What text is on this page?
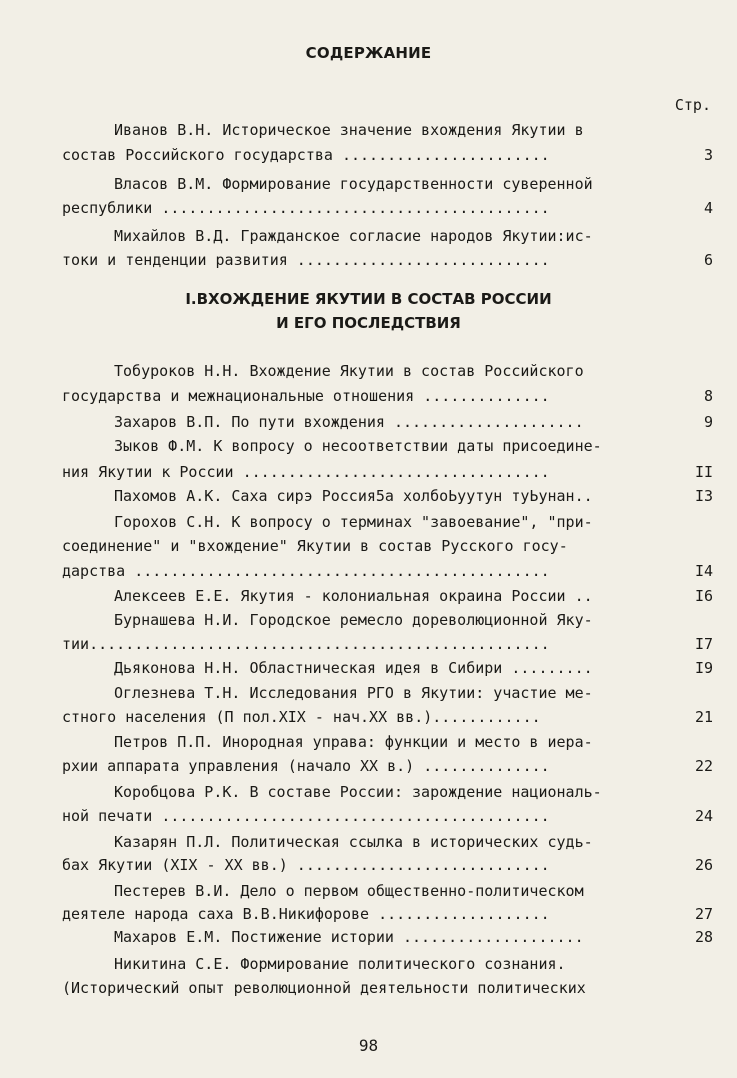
СОДЕРЖАНИЕ
Стр.
Иванов В.Н. Историческое значение вхождения Якутии в
состав Российского государства .......................	3
Власов В.М. Формирование государственности суверенной
республики ...........................................	4
Михайлов В.Д. Гражданское согласие народов Якутии:ис-
токи и тенденции развития ............................	6
Тобуроков Н.Н. Вхождение Якутии в состав Российского
государства и межнациональные отношения ..............	8
Захаров В.П. По пути вхождения .....................	9
Зыков Ф.М. К вопросу о несоответствии даты присоедине-
ния Якутии к России ..................................	II
Пахомов А.К. Саха сирэ Россия5а холбоЬуутун туЬунан..	I3
Горохов С.Н. К вопросу о терминах "завоевание", "при-
соединение" и "вхождение" Якутии в состав Русского госу-
дарства ..............................................	I4
Алексеев Е.Е. Якутия - колониальная окраина России ..	I6
Бурнашева Н.И. Городское ремесло дореволюционной Яку-
тии...................................................	I7
Дьяконова Н.Н. Областническая идея в Сибири .........	I9
Оглезнева Т.Н. Исследования РГО в Якутии: участие ме-
стного населения (П пол.XIX - нач.XX вв.)............	21
Петров П.П. Инородная управа: функции и место в иера-
рхии аппарата управления (начало XX в.) ..............	22
Коробцова Р.К. В составе России: зарождение националь-
ной печати ...........................................	24
Казарян П.Л. Политическая ссылка в исторических судь-
бах Якутии (XIX - XX вв.) ............................	26
Пестерев В.И. Дело о первом общественно-политическом
деятеле народа саха В.В.Никифорове ...................	27
Махаров Е.М. Постижение истории ....................	28
Никитина С.Е. Формирование политического сознания.
(Исторический опыт революционной деятельности политических
I.ВХОЖДЕНИЕ ЯКУТИИ В СОСТАВ РОССИИ
И ЕГО ПОСЛЕДСТВИЯ
98
